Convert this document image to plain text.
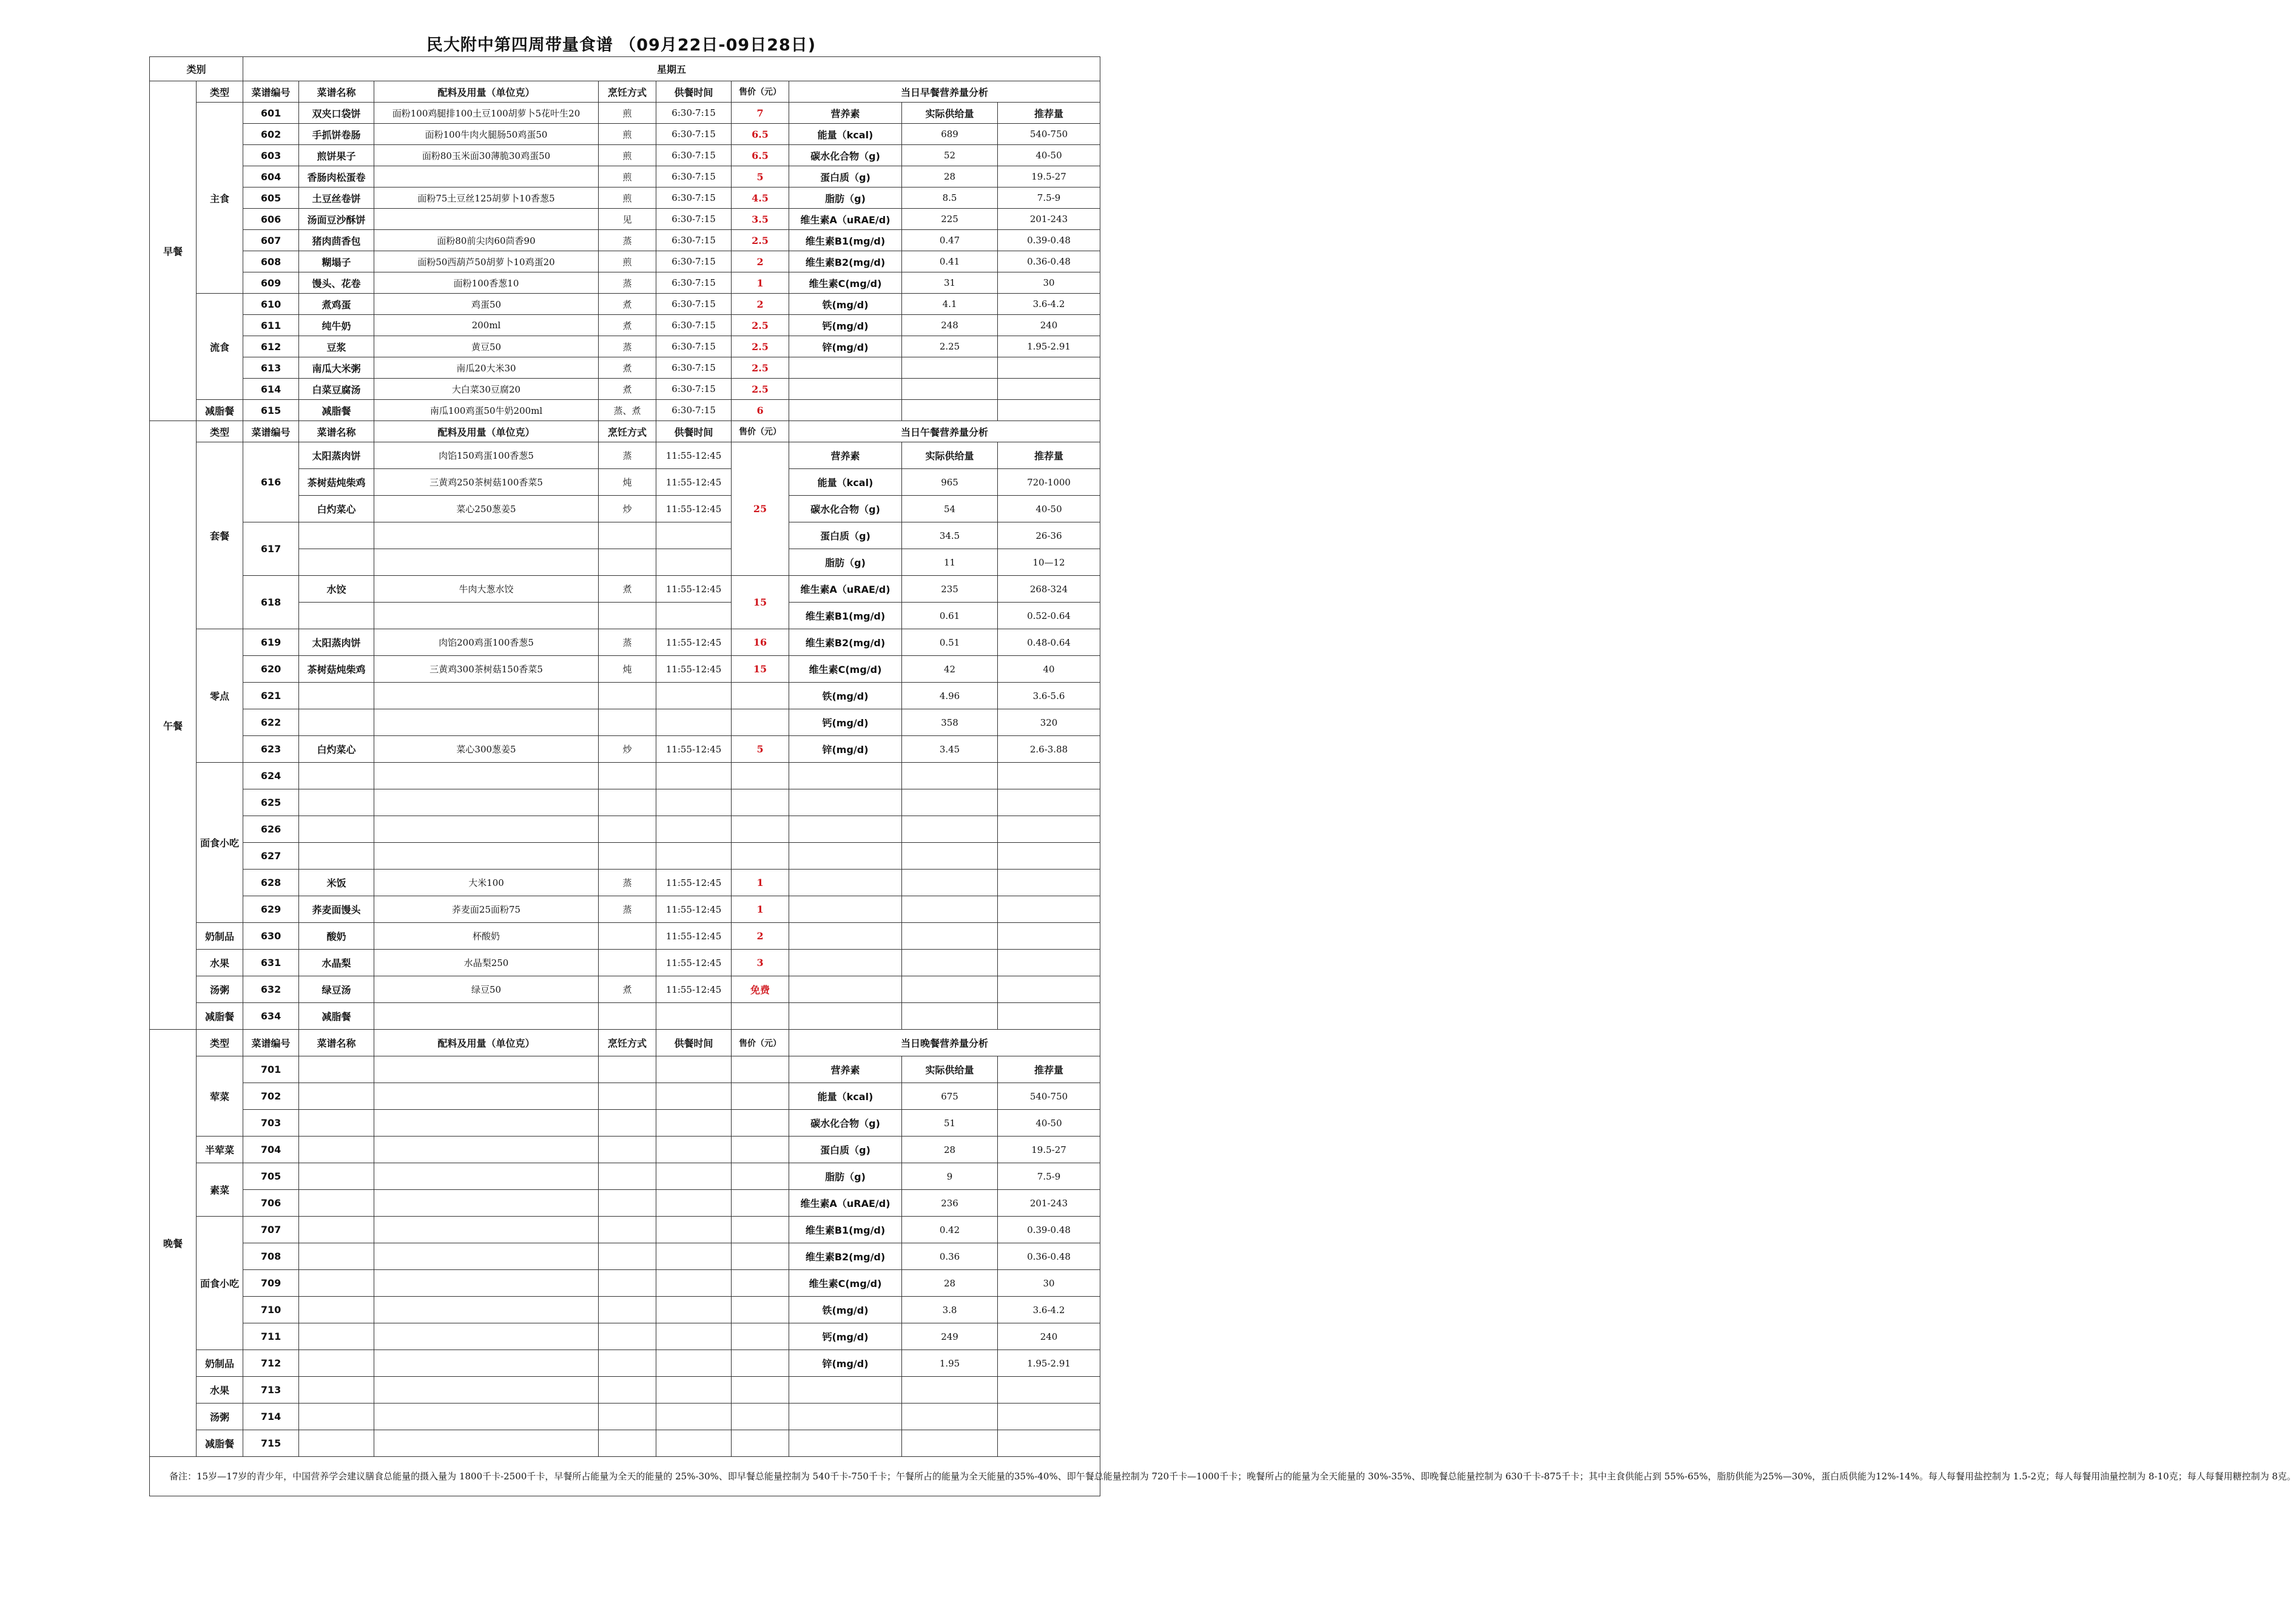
民大附中第四周带量食谱 （09月22日-09日28日)
类别		星期五								
早餐	类型	菜谱编号	菜谱名称	配料及用量（单位克）	烹饪方式	供餐时间	售价（元）	当日早餐营养量分析		
	主食	601	双夹口袋饼	面粉100鸡腿排100土豆100胡萝卜5花叶生20	煎	6:30-7:15	7	营养素	实际供给量	推荐量
		602	手抓饼卷肠	面粉100牛肉火腿肠50鸡蛋50	煎	6:30-7:15	6.5	能量（kcal)	689	540-750
		603	煎饼果子	面粉80玉米面30薄脆30鸡蛋50	煎	6:30-7:15	6.5	碳水化合物（g)	52	40-50
		604	香肠肉松蛋卷		煎	6:30-7:15	5	蛋白质（g)	28	19.5-27
		605	土豆丝卷饼	面粉75土豆丝125胡萝卜10香葱5	煎	6:30-7:15	4.5	脂肪（g)	8.5	7.5-9
		606	汤面豆沙酥饼		见	6:30-7:15	3.5	维生素A（uRAE/d)	225	201-243
		607	猪肉茴香包	面粉80前尖肉60茴香90	蒸	6:30-7:15	2.5	维生素B1(mg/d)	0.47	0.39-0.48
		608	糊塌子	面粉50西葫芦50胡萝卜10鸡蛋20	煎	6:30-7:15	2	维生素B2(mg/d)	0.41	0.36-0.48
		609	馒头、花卷	面粉100香葱10	蒸	6:30-7:15	1	维生素C(mg/d)	31	30
	流食	610	煮鸡蛋	鸡蛋50	煮	6:30-7:15	2	铁(mg/d)	4.1	3.6-4.2
		611	纯牛奶	200ml	煮	6:30-7:15	2.5	钙(mg/d)	248	240
		612	豆浆	黄豆50	蒸	6:30-7:15	2.5	锌(mg/d)	2.25	1.95-2.91
		613	南瓜大米粥	南瓜20大米30	煮	6:30-7:15	2.5			
		614	白菜豆腐汤	大白菜30豆腐20	煮	6:30-7:15	2.5			
	减脂餐	615	减脂餐	南瓜100鸡蛋50牛奶200ml	蒸、煮	6:30-7:15	6			
午餐	类型	菜谱编号	菜谱名称	配料及用量（单位克）	烹饪方式	供餐时间	售价（元）	当日午餐营养量分析		
	套餐	616	太阳蒸肉饼	肉馅150鸡蛋100香葱5	蒸	11:55-12:45	25	营养素	实际供给量	推荐量
			茶树菇炖柴鸡	三黄鸡250茶树菇100香菜5	炖	11:55-12:45		能量（kcal)	965	720-1000
			白灼菜心	菜心250葱姜5	炒	11:55-12:45		碳水化合物（g)	54	40-50
		617						蛋白质（g)	34.5	26-36
								脂肪（g)	11	10—12
		618	水饺	牛肉大葱水饺	煮	11:55-12:45	15	维生素A（uRAE/d)	235	268-324
								维生素B1(mg/d)	0.61	0.52-0.64
	零点	619	太阳蒸肉饼	肉馅200鸡蛋100香葱5	蒸	11:55-12:45	16	维生素B2(mg/d)	0.51	0.48-0.64
		620	茶树菇炖柴鸡	三黄鸡300茶树菇150香菜5	炖	11:55-12:45	15	维生素C(mg/d)	42	40
		621						铁(mg/d)	4.96	3.6-5.6
		622						钙(mg/d)	358	320
		623	白灼菜心	菜心300葱姜5	炒	11:55-12:45	5	锌(mg/d)	3.45	2.6-3.88
	面食小吃	624								
		625								
		626								
		627								
		628	米饭	大米100	蒸	11:55-12:45	1			
		629	荞麦面馒头	荞麦面25面粉75	蒸	11:55-12:45	1			
	奶制品	630	酸奶	杯酸奶		11:55-12:45	2			
	水果	631	水晶梨	水晶梨250		11:55-12:45	3			
	汤粥	632	绿豆汤	绿豆50	煮	11:55-12:45	免费			
	减脂餐	634	减脂餐							
晚餐	类型	菜谱编号	菜谱名称	配料及用量（单位克）	烹饪方式	供餐时间	售价（元）	当日晚餐营养量分析		
	荤菜	701						营养素	实际供给量	推荐量
		702						能量（kcal)	675	540-750
		703						碳水化合物（g)	51	40-50
	半荤菜	704						蛋白质（g)	28	19.5-27
	素菜	705						脂肪（g)	9	7.5-9
		706						维生素A（uRAE/d)	236	201-243
	面食小吃	707						维生素B1(mg/d)	0.42	0.39-0.48
		708						维生素B2(mg/d)	0.36	0.36-0.48
		709						维生素C(mg/d)	28	30
		710						铁(mg/d)	3.8	3.6-4.2
		711						钙(mg/d)	249	240
	奶制品	712						锌(mg/d)	1.95	1.95-2.91
	水果	713								
	汤粥	714								
	减脂餐	715								
备注：15岁—17岁的青少年，中国营养学会建议膳食总能量的摄入量为 1800千卡-2500千卡，早餐所占能量为全天的能量的 25%-30%、即早餐总能量控制为 540千卡-750千卡；午餐所占的能量为全天能量的35%-40%、即午餐总能量控制为 720千卡—1000千卡；晚餐所占的能量为全天能量的 30%-35%、即晚餐总能量控制为 630千卡-875千卡；其中主食供能占到 55%-65%，脂肪供能为25%—30%，蛋白质供能为12%-14%。每人每餐用盐控制为 1.5-2克；每人每餐用油量控制为 8-10克；每人每餐用糖控制为 8克。										
